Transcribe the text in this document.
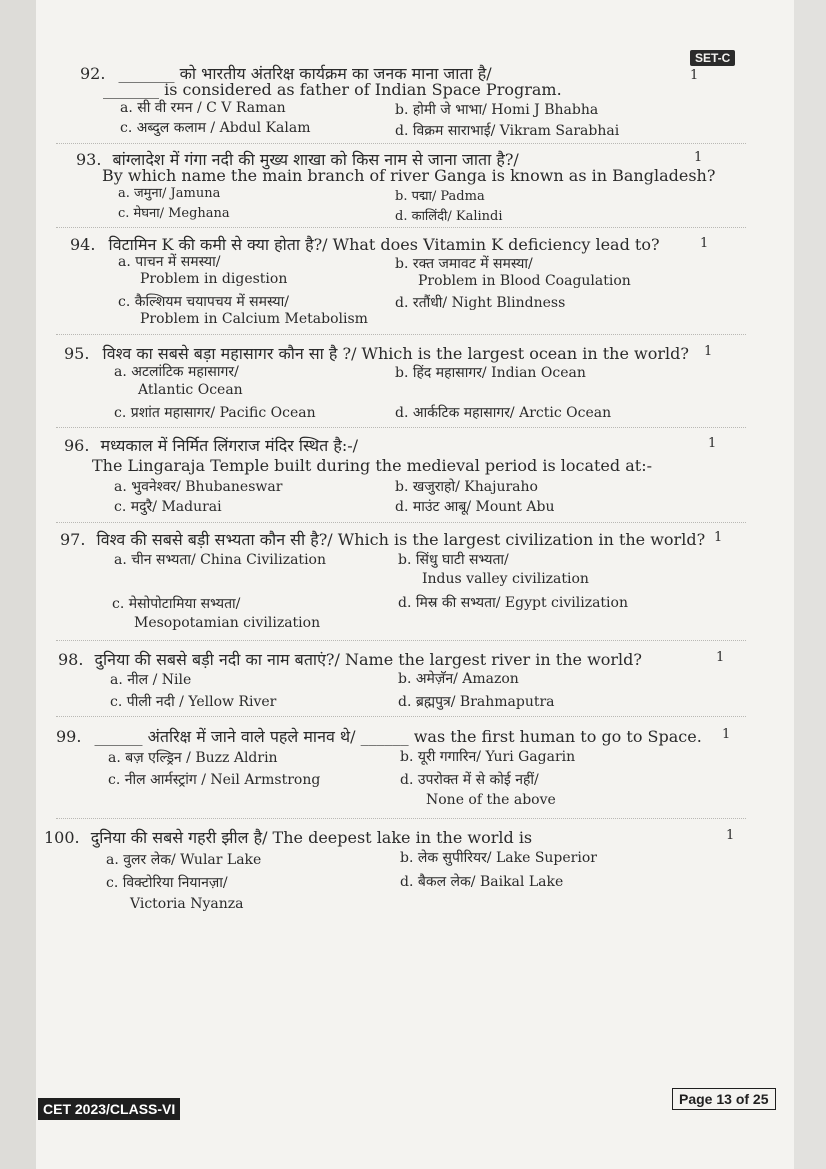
SET-C
92. _______ को भारतीय अंतरिक्ष कार्यक्रम का जनक माना जाता है/
_______ is considered as father of Indian Space Program.
1
a. सी वी रमन / C V Raman	b. होमी जे भाभा/ Homi J Bhabha
c. अब्दुल कलाम / Abdul Kalam	d. विक्रम साराभाई/ Vikram Sarabhai
93. बांग्लादेश में गंगा नदी की मुख्य शाखा को किस नाम से जाना जाता है?/
By which name the main branch of river Ganga is known as in Bangladesh?
1
a. जमुना/ Jamuna	b. पद्मा/ Padma
c. मेघना/ Meghana	d. कालिंदी/ Kalindi
94. विटामिन K की कमी से क्या होता है?/ What does Vitamin K deficiency lead to?	1
a. पाचन में समस्या/
Problem in digestion
b. रक्त जमावट में समस्या/
Problem in Blood Coagulation
c. कैल्शियम चयापचय में समस्या/
Problem in Calcium Metabolism
d. रतौंधी/ Night Blindness
95. विश्व का सबसे बड़ा महासागर कौन सा है ?/ Which is the largest ocean in the world? 1
a. अटलांटिक महासागर/
Atlantic Ocean
b. हिंद महासागर/ Indian Ocean
c. प्रशांत महासागर/ Pacific Ocean	d. आर्कटिक महासागर/ Arctic Ocean
96. मध्यकाल में निर्मित लिंगराज मंदिर स्थित है:-/
The Lingaraja Temple built during the medieval period is located at:-
1
a. भुवनेश्वर/ Bhubaneswar	b. खजुराहो/ Khajuraho
c. मदुरै/ Madurai	d. माउंट आबू/ Mount Abu
97. विश्व की सबसे बड़ी सभ्यता कौन सी है?/ Which is the largest civilization in the world? 1
a. चीन सभ्यता/ China Civilization	b. सिंधु घाटी सभ्यता/
Indus valley civilization
c. मेसोपोटामिया सभ्यता/
Mesopotamian civilization
d. मिस्र की सभ्यता/ Egypt civilization
98. दुनिया की सबसे बड़ी नदी का नाम बताएं?/ Name the largest river in the world?	1
a. नील / Nile	b. अमेज़ॅन/ Amazon
c. पीली नदी / Yellow River	d. ब्रह्मपुत्र/ Brahmaputra
99. ______ अंतरिक्ष में जाने वाले पहले मानव थे/ ______ was the first human to go to Space. 1
a. बज़ एल्ड्रिन / Buzz Aldrin	b. यूरी गगारिन/ Yuri Gagarin
c. नील आर्मस्ट्रांग / Neil Armstrong	d. उपरोक्त में से कोई नहीं/
None of the above
100. दुनिया की सबसे गहरी झील है/ The deepest lake in the world is	1
a. वुलर लेक/ Wular Lake	b. लेक सुपीरियर/ Lake Superior
c. विक्टोरिया नियानज़ा/
Victoria Nyanza
d. बैकल लेक/ Baikal Lake
CET 2023/CLASS-VI
Page 13 of 25
